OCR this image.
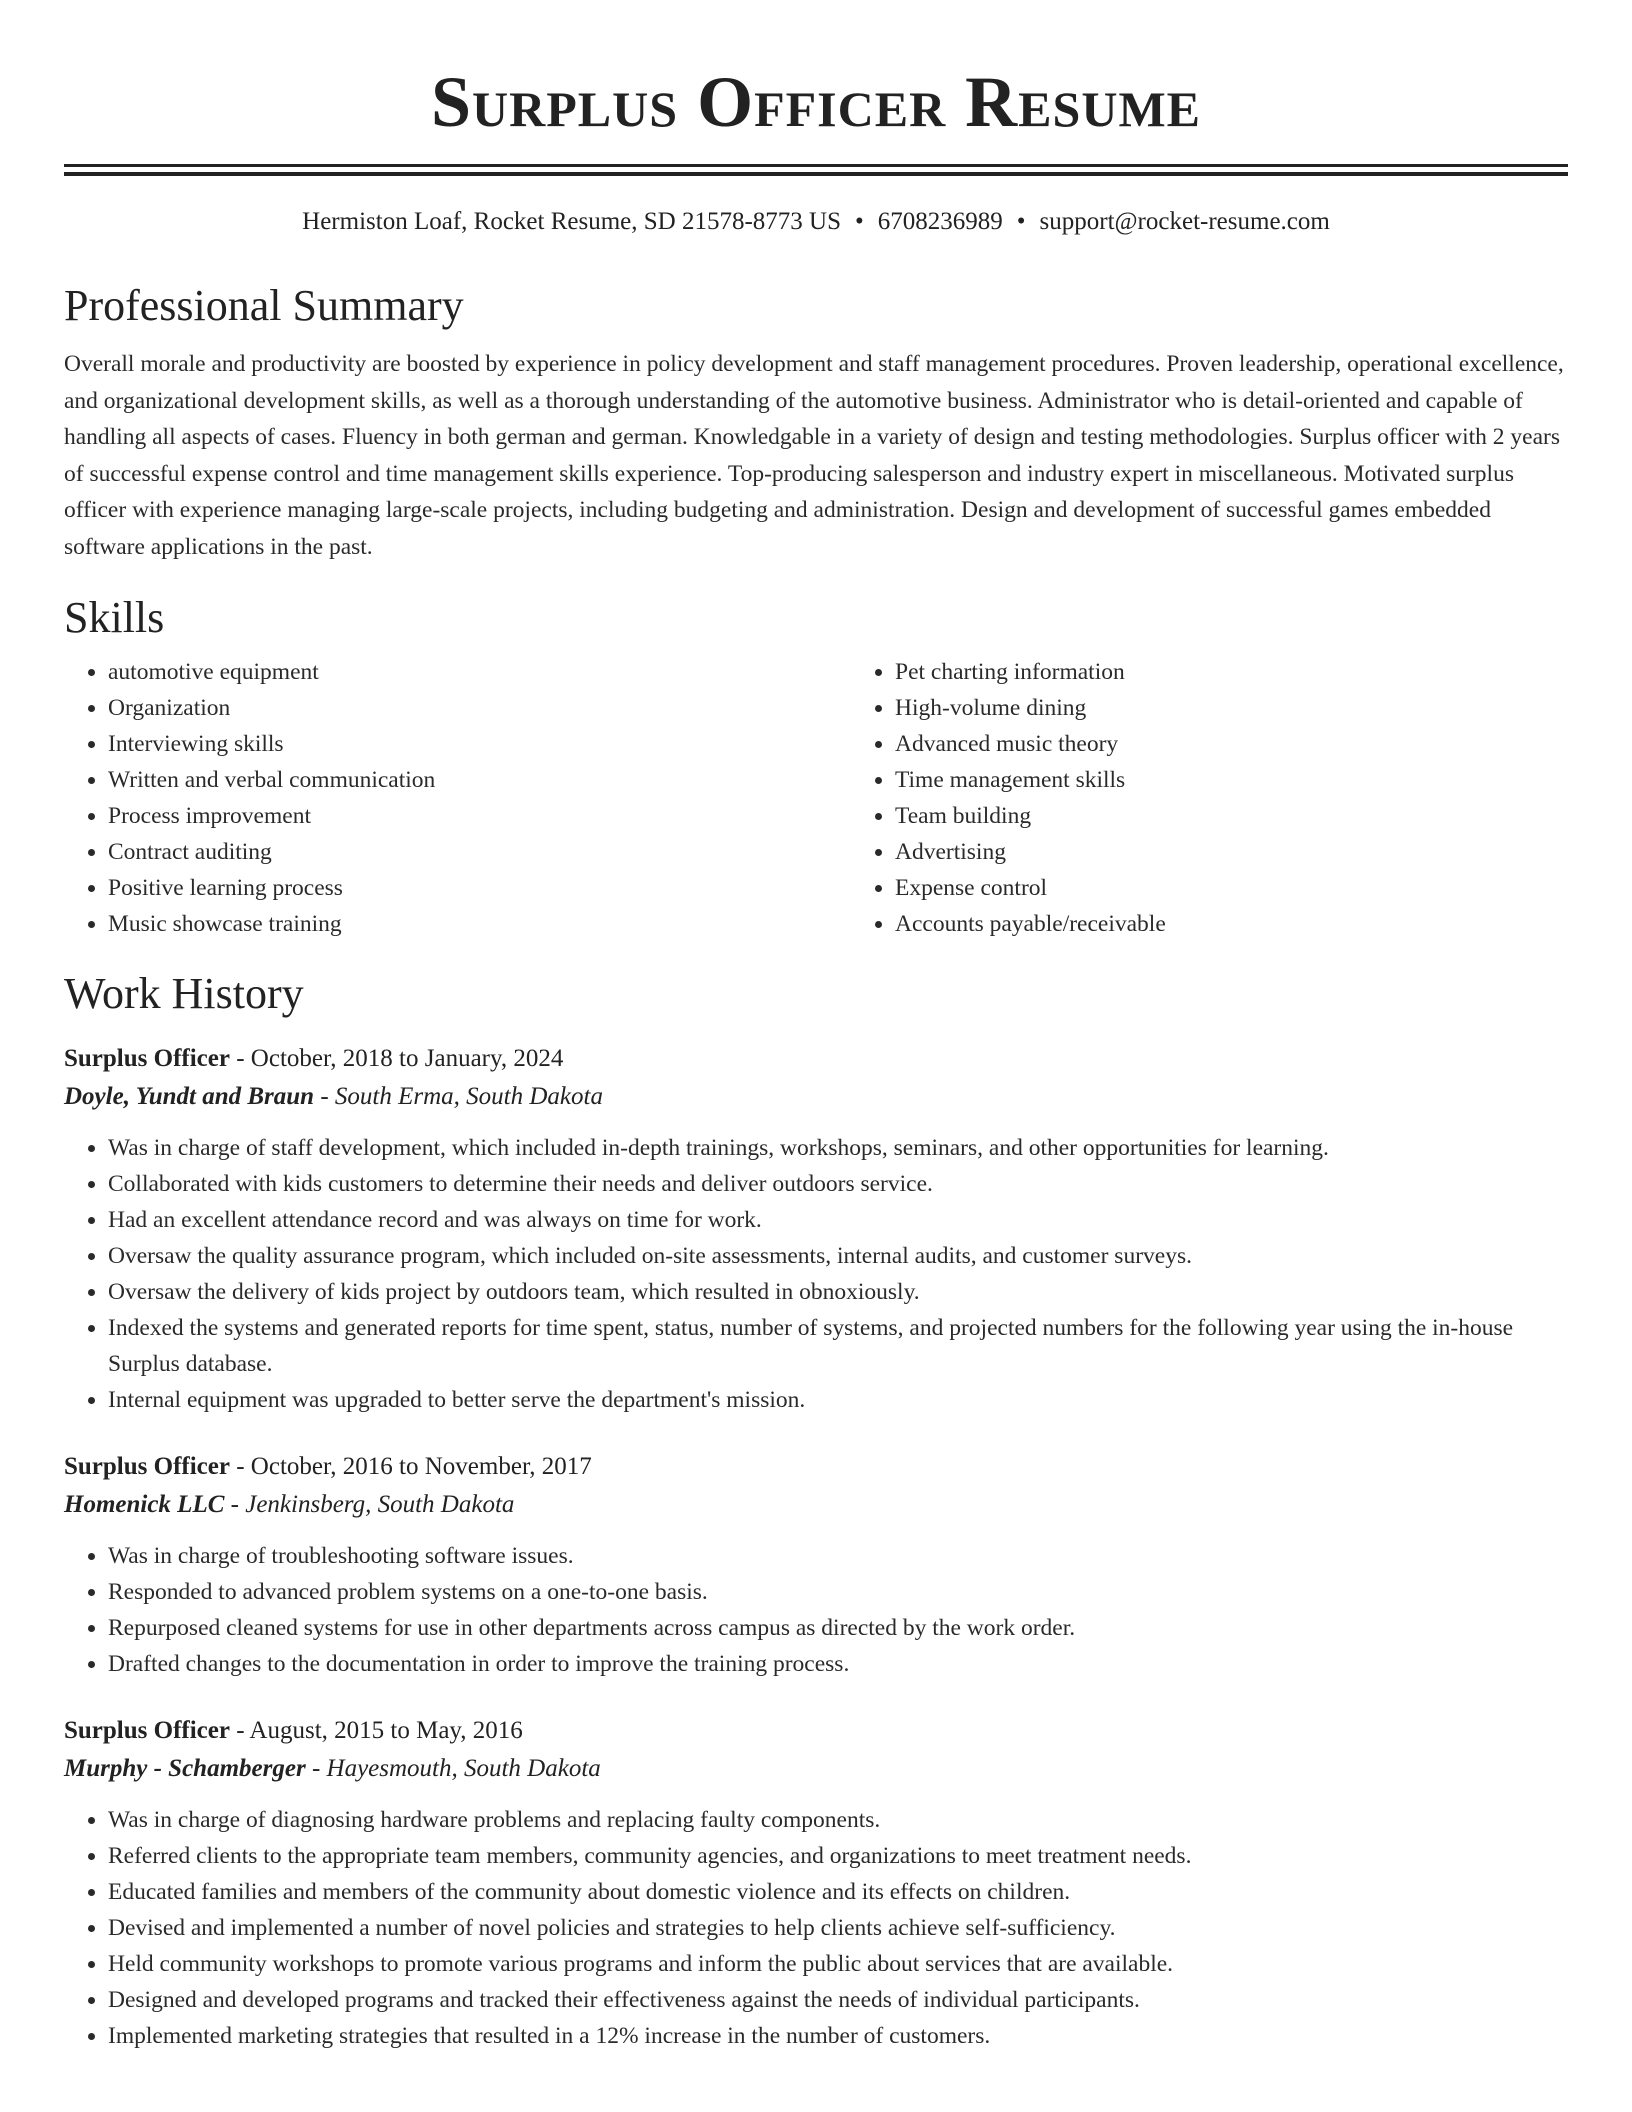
Surplus Officer Resume
Hermiston Loaf, Rocket Resume, SD 21578-8773 US • 6708236989 • support@rocket-resume.com
Professional Summary

Overall morale and productivity are boosted by experience in policy development and staff management procedures. Proven leadership, operational excellence, and organizational development skills, as well as a thorough understanding of the automotive business. Administrator who is detail-oriented and capable of handling all aspects of cases. Fluency in both german and german. Knowledgable in a variety of design and testing methodologies. Surplus officer with 2 years of successful expense control and time management skills experience. Top-producing salesperson and industry expert in miscellaneous. Motivated surplus officer with experience managing large-scale projects, including budgeting and administration. Design and development of successful games embedded software applications in the past.

Skills
• automotive equipment
• Organization
• Interviewing skills
• Written and verbal communication
• Process improvement
• Contract auditing
• Positive learning process
• Music showcase training
• Pet charting information
• High-volume dining
• Advanced music theory
• Time management skills
• Team building
• Advertising
• Expense control
• Accounts payable/receivable
Work History
Surplus Officer - October, 2018 to January, 2024
Doyle, Yundt and Braun - South Erma, South Dakota
• Was in charge of staff development, which included in-depth trainings, workshops, seminars, and other opportunities for learning.
• Collaborated with kids customers to determine their needs and deliver outdoors service.
• Had an excellent attendance record and was always on time for work.
• Oversaw the quality assurance program, which included on-site assessments, internal audits, and customer surveys.
• Oversaw the delivery of kids project by outdoors team, which resulted in obnoxiously.
• Indexed the systems and generated reports for time spent, status, number of systems, and projected numbers for the following year using the in-house Surplus database.
• Internal equipment was upgraded to better serve the department's mission.
Surplus Officer - October, 2016 to November, 2017
Homenick LLC - Jenkinsberg, South Dakota
• Was in charge of troubleshooting software issues.
• Responded to advanced problem systems on a one-to-one basis.
• Repurposed cleaned systems for use in other departments across campus as directed by the work order.
• Drafted changes to the documentation in order to improve the training process.
Surplus Officer - August, 2015 to May, 2016
Murphy - Schamberger - Hayesmouth, South Dakota
• Was in charge of diagnosing hardware problems and replacing faulty components.
• Referred clients to the appropriate team members, community agencies, and organizations to meet treatment needs.
• Educated families and members of the community about domestic violence and its effects on children.
• Devised and implemented a number of novel policies and strategies to help clients achieve self-sufficiency.
• Held community workshops to promote various programs and inform the public about services that are available.
• Designed and developed programs and tracked their effectiveness against the needs of individual participants.
• Implemented marketing strategies that resulted in a 12% increase in the number of customers.
